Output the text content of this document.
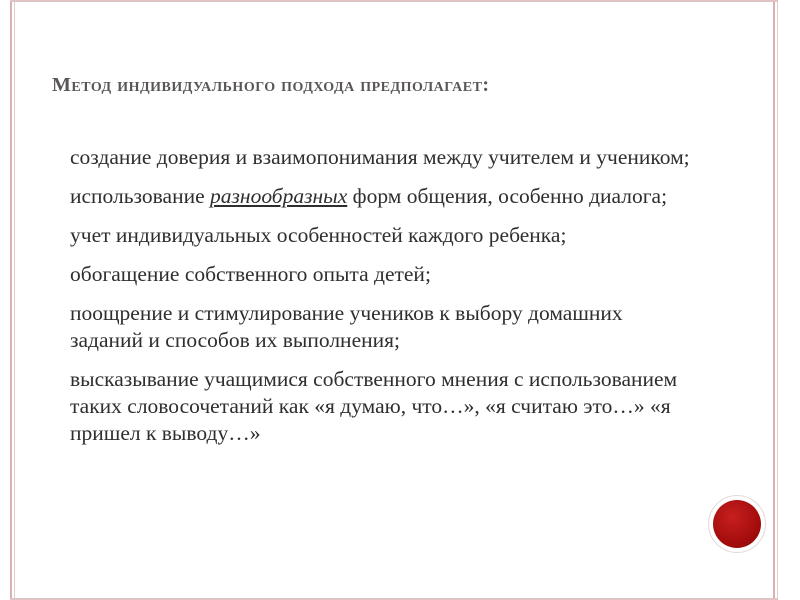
Метод индивидуального подхода предполагает:
создание доверия и взаимопонимания между учителем и учеником;
использование разнообразных форм общения, особенно диалога;
учет индивидуальных особенностей каждого ребенка;
обогащение собственного опыта детей;
поощрение и стимулирование учеников к выбору домашних заданий и способов их выполнения;
высказывание учащимися собственного мнения с использованием таких словосочетаний как «я думаю, что…», «я считаю это…» «я пришел к выводу…»
